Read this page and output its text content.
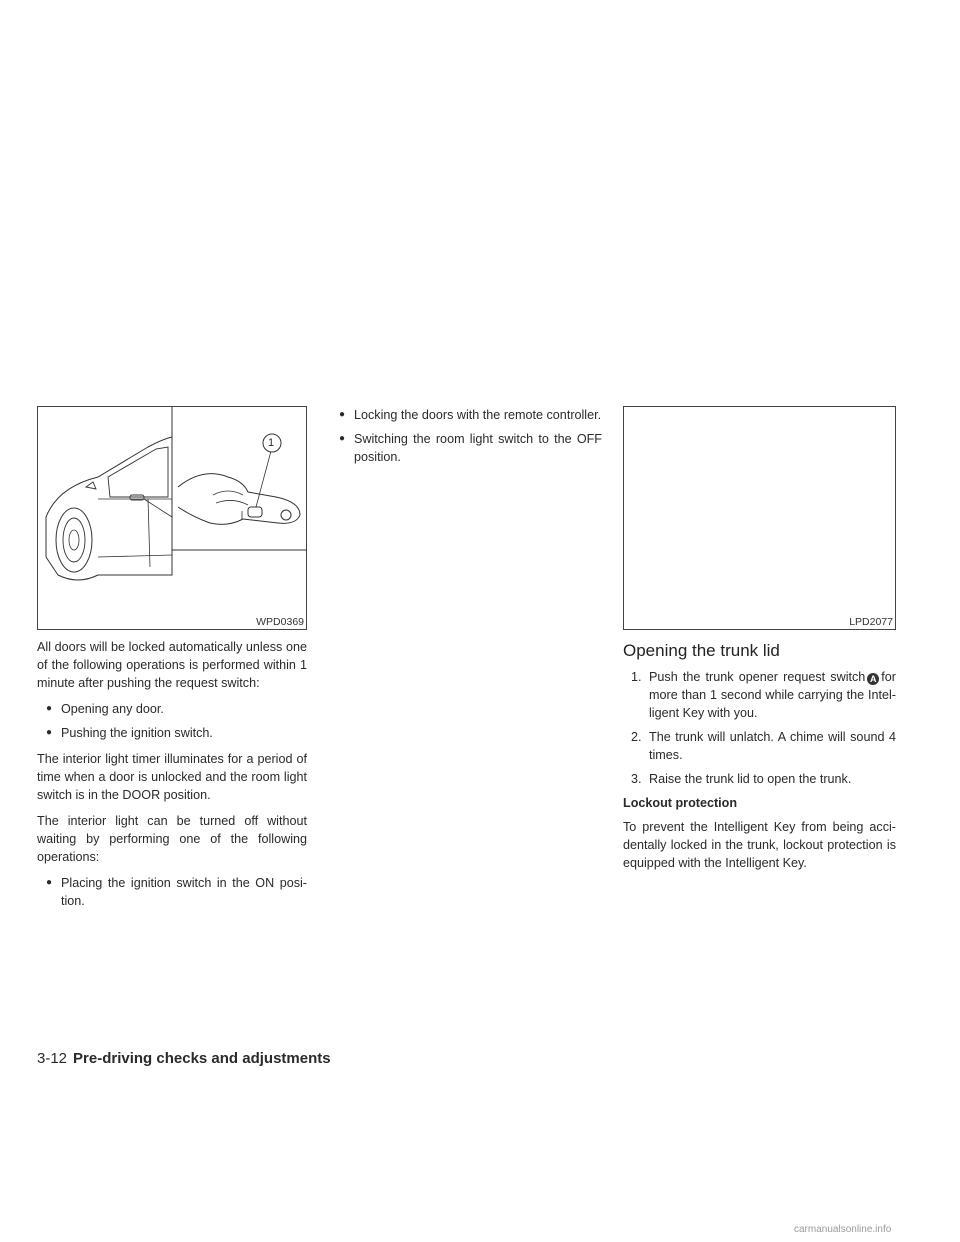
1
WPD0369

All doors will be locked automatically unless one of the following operations is performed within 1 minute after pushing the request switch:

● Opening any door.
● Pushing the ignition switch.

The interior light timer illuminates for a period of time when a door is unlocked and the room light switch is in the DOOR position.

The interior light can be turned off without waiting by performing one of the following operations:

● Placing the ignition switch in the ON posi- tion.
● Locking the doors with the remote controller.
● Switching the room light switch to the OFF position.
LPD2077
Opening the trunk lid
1. Push the trunk opener request switch A for more than 1 second while carrying the Intel- ligent Key with you.
2. The trunk will unlatch. A chime will sound 4 times.
3. Raise the trunk lid to open the trunk.
Lockout protection

To prevent the Intelligent Key from being acci- dentally locked in the trunk, lockout protection is equipped with the Intelligent Key.

3-12 Pre-driving checks and adjustments
carmanualsonline.info
